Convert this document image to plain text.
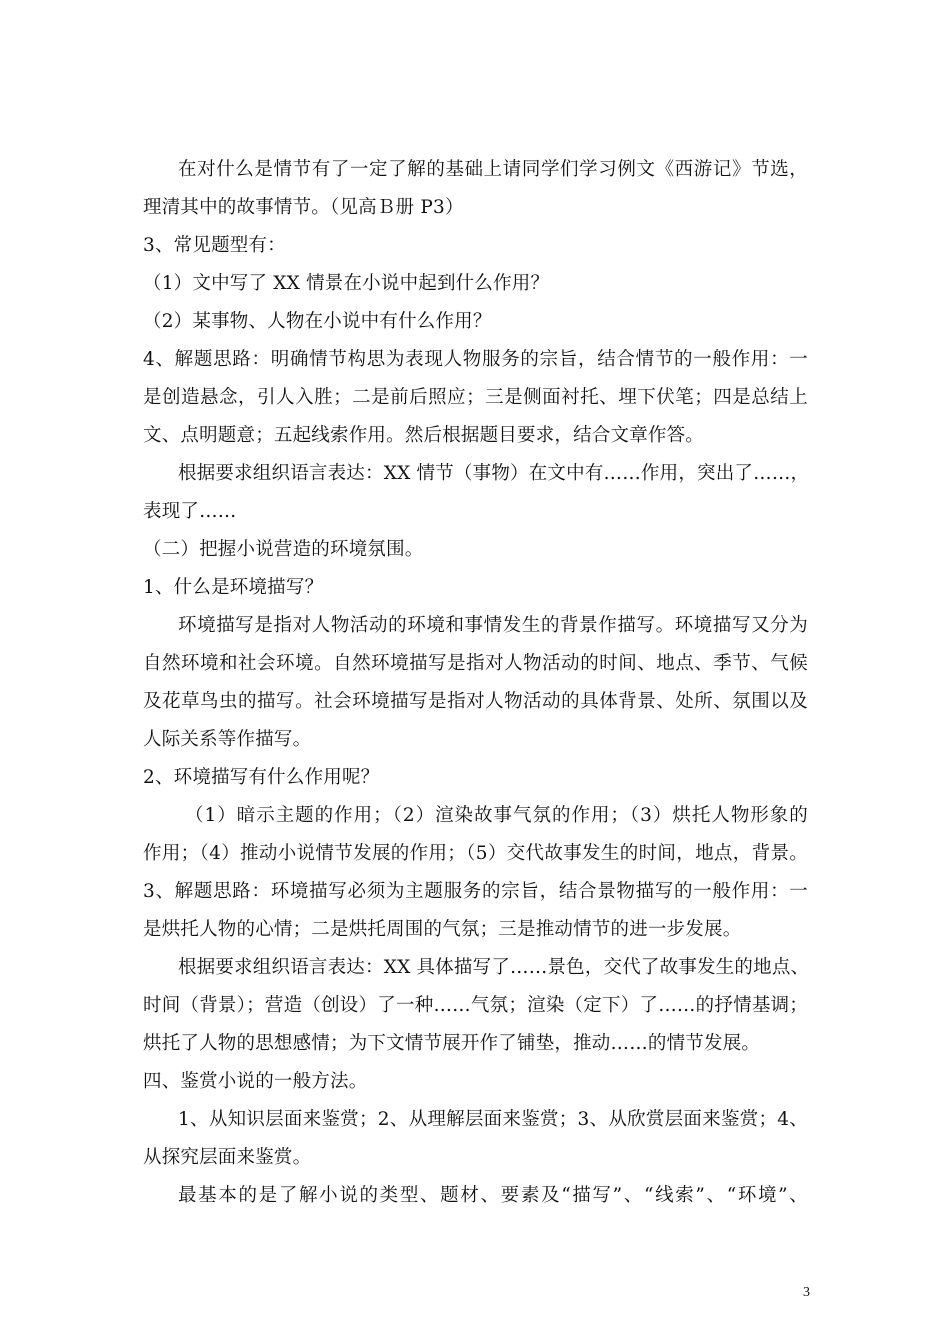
在对什么是情节有了一定了解的基础上请同学们学习例文《西游记》节选，
理清其中的故事情节。（见高Ｂ册 P3）
3、常见题型有：
（1）文中写了 XX 情景在小说中起到什么作用？
（2）某事物、人物在小说中有什么作用？
4、解题思路：明确情节构思为表现人物服务的宗旨，结合情节的一般作用：一
是创造悬念，引人入胜；二是前后照应；三是侧面衬托、埋下伏笔；四是总结上
文、点明题意；五起线索作用。然后根据题目要求，结合文章作答。
根据要求组织语言表达：XX 情节（事物）在文中有……作用，突出了……，
表现了……
（二）把握小说营造的环境氛围。
1、什么是环境描写？
环境描写是指对人物活动的环境和事情发生的背景作描写。环境描写又分为
自然环境和社会环境。自然环境描写是指对人物活动的时间、地点、季节、气候
及花草鸟虫的描写。社会环境描写是指对人物活动的具体背景、处所、氛围以及
人际关系等作描写。
2、环境描写有什么作用呢？
（1）暗示主题的作用；（2）渲染故事气氛的作用；（3）烘托人物形象的
作用；（4）推动小说情节发展的作用；（5）交代故事发生的时间，地点，背景。
3、解题思路：环境描写必须为主题服务的宗旨，结合景物描写的一般作用：一
是烘托人物的心情；二是烘托周围的气氛；三是推动情节的进一步发展。
根据要求组织语言表达：XX 具体描写了……景色，交代了故事发生的地点、
时间（背景）；营造（创设）了一种……气氛；渲染（定下）了……的抒情基调；
烘托了人物的思想感情；为下文情节展开作了铺垫，推动……的情节发展。
四、鉴赏小说的一般方法。
1、从知识层面来鉴赏；2、从理解层面来鉴赏；3、从欣赏层面来鉴赏；4、
从探究层面来鉴赏。
最基本的是了解小说的类型、题材、要素及“描写”、“线索”、“环境”、
3
